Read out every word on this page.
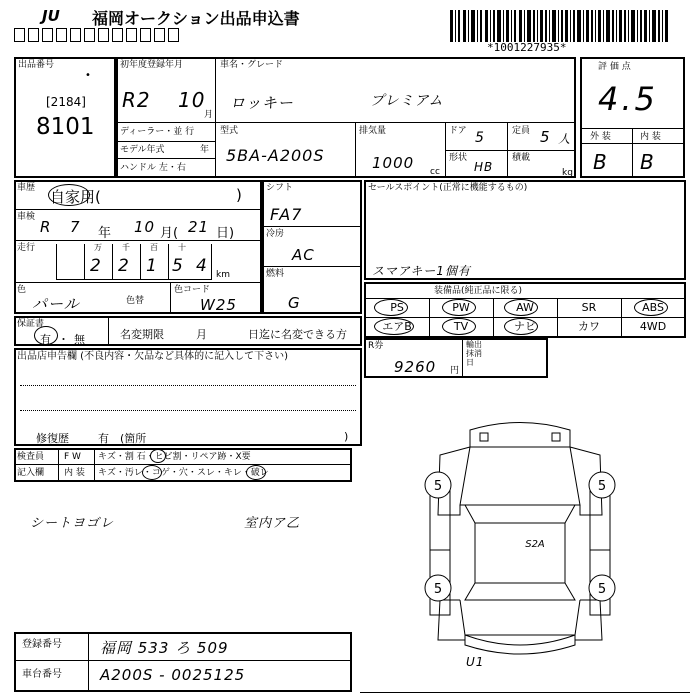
JU 福岡オークション出品申込書
*1001227935*
出品番号
•
[2184]
8101
初年度登録年月
R2 10
月
ディーラー・並 行
モデル年式	年
ハンドル 左・右
車名・グレード
ロッキー	プレミアム
型式
5BA-A200S
排気量
1000 cc
ドア 5	定員 5 人
形状
HB
積載
kg
評 価 点
4.5
外 装	内 装
B B
車歴 自家用(	)
車検
R 7 年 10 月( 21 日)
走行	万	千	百	十
2 2 1 5 4 km
色
パール	色替
色コード
W25
シフト
FA7
冷房
AC
燃料
G
セールスポイント(正常に機能するもの)
スマアキー1個有
装備品(純正品に限る)
PS	PW	AW	SR	ABS
エアB	TV	ナビ	カワ	4WD
保証書
有 ・ 無	名変期限	月	日迄に名変できる方
R券
9260 円
輸出抹消日
出品店申告欄 (不良内容・欠品など具体的に記入して下さい)
修復歴	有 (箇所	)
検査員
記入欄
F W キズ・割 石・ヒビ割・リペア跡・X要
内 装 キズ・汚レ・コゲ・穴・スレ・キレ・破レ
シートヨゴレ	室内ア乙
5	5
5	5
S2A
U1
登録番号	福岡 533 ろ 509
車台番号	A200S - 0025125
